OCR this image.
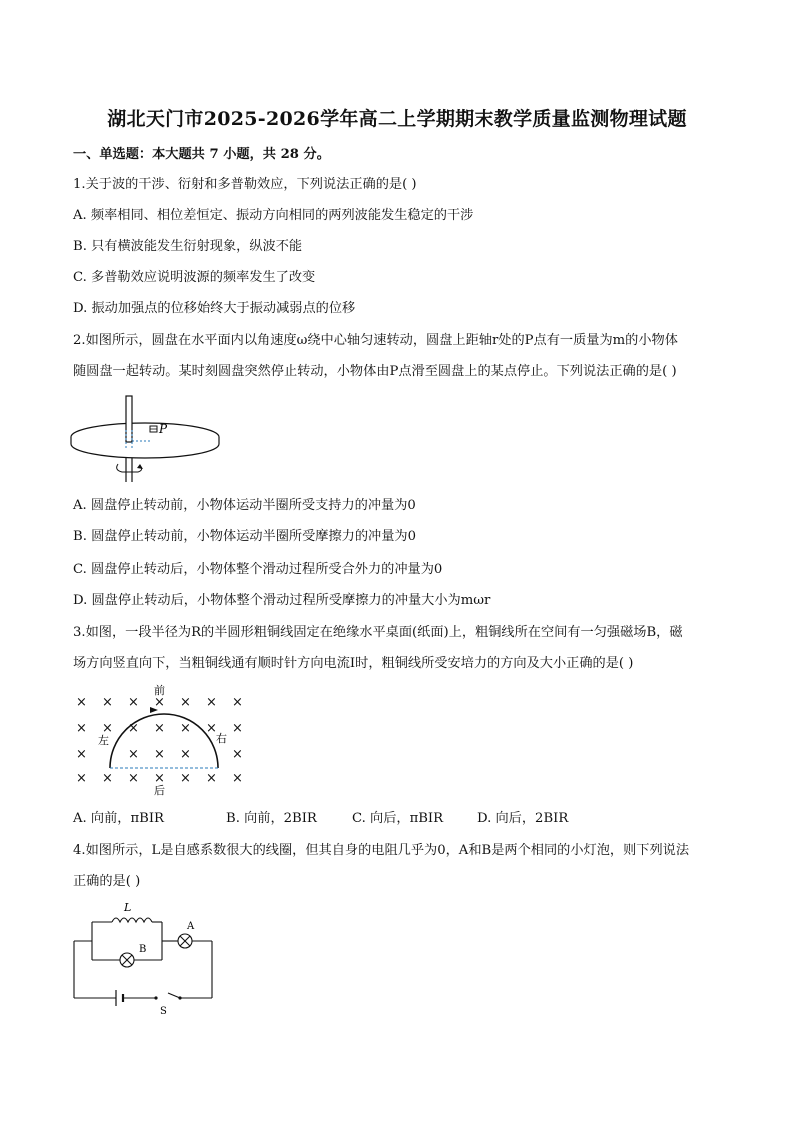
湖北天门市2025-2026学年高二上学期期末教学质量监测物理试题
一、单选题：本大题共 7 小题，共 28 分。
1.关于波的干涉、衍射和多普勒效应，下列说法正确的是( )
A. 频率相同、相位差恒定、振动方向相同的两列波能发生稳定的干涉
B. 只有横波能发生衍射现象，纵波不能
C. 多普勒效应说明波源的频率发生了改变
D. 振动加强点的位移始终大于振动减弱点的位移
2.如图所示，圆盘在水平面内以角速度ω绕中心轴匀速转动，圆盘上距轴r处的P点有一质量为m的小物体
随圆盘一起转动。某时刻圆盘突然停止转动，小物体由P点滑至圆盘上的某点停止。下列说法正确的是( )
P
A. 圆盘停止转动前，小物体运动半圈所受支持力的冲量为0
B. 圆盘停止转动前，小物体运动半圈所受摩擦力的冲量为0
C. 圆盘停止转动后，小物体整个滑动过程所受合外力的冲量为0
D. 圆盘停止转动后，小物体整个滑动过程所受摩擦力的冲量大小为mωr
3.如图，一段半径为R的半圆形粗铜线固定在绝缘水平桌面(纸面)上，粗铜线所在空间有一匀强磁场B，磁
场方向竖直向下，当粗铜线通有顺时针方向电流I时，粗铜线所受安培力的方向及大小正确的是( )
× × × × × × ×
× × × × × × ×
×	× × ×	×
× × × × × × ×
前
后
左	右
A. 向前，πBIR	B. 向前，2BIR	C. 向后，πBIR	D. 向后，2BIR
4.如图所示，L是自感系数很大的线圈，但其自身的电阻几乎为0，A和B是两个相同的小灯泡，则下列说法
正确的是( )
L
A
B
S
